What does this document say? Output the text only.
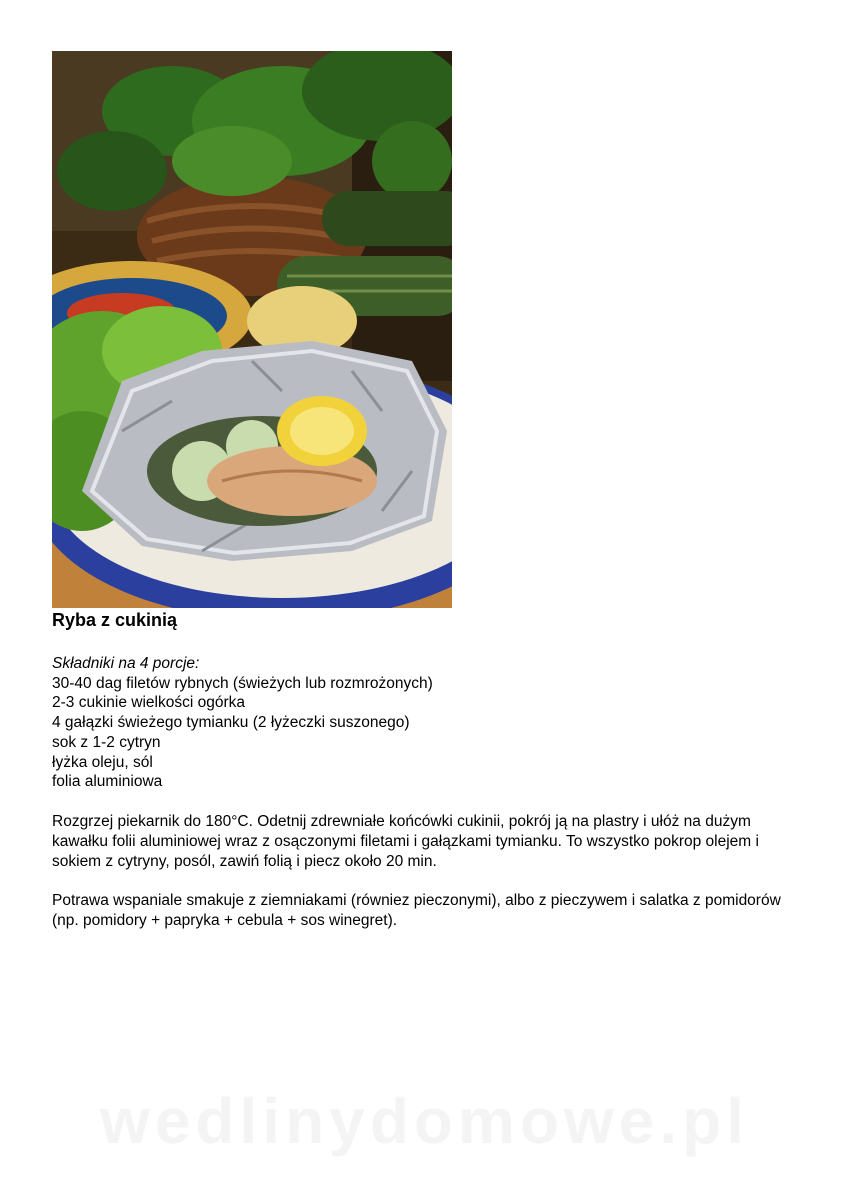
Ryba z cukinią
Składniki na 4 porcje:
30-40 dag filetów rybnych (świeżych lub rozmrożonych)
2-3 cukinie wielkości ogórka
4 gałązki świeżego tymianku (2 łyżeczki suszonego)
sok z 1-2 cytryn
łyżka oleju, sól
folia aluminiowa

Rozgrzej piekarnik do 180°C. Odetnij zdrewniałe końcówki cukinii, pokrój ją na plastry i ułóż na dużym kawałku folii aluminiowej wraz z osączonymi filetami i gałązkami tymianku. To wszystko pokrop olejem i sokiem z cytryny, posól, zawiń folią i piecz około 20 min.

Potrawa wspaniale smakuje z ziemniakami (równiez pieczonymi), albo z pieczywem i salatka z pomidorów (np. pomidory + papryka + cebula + sos winegret).

wedlinydomowe.pl
